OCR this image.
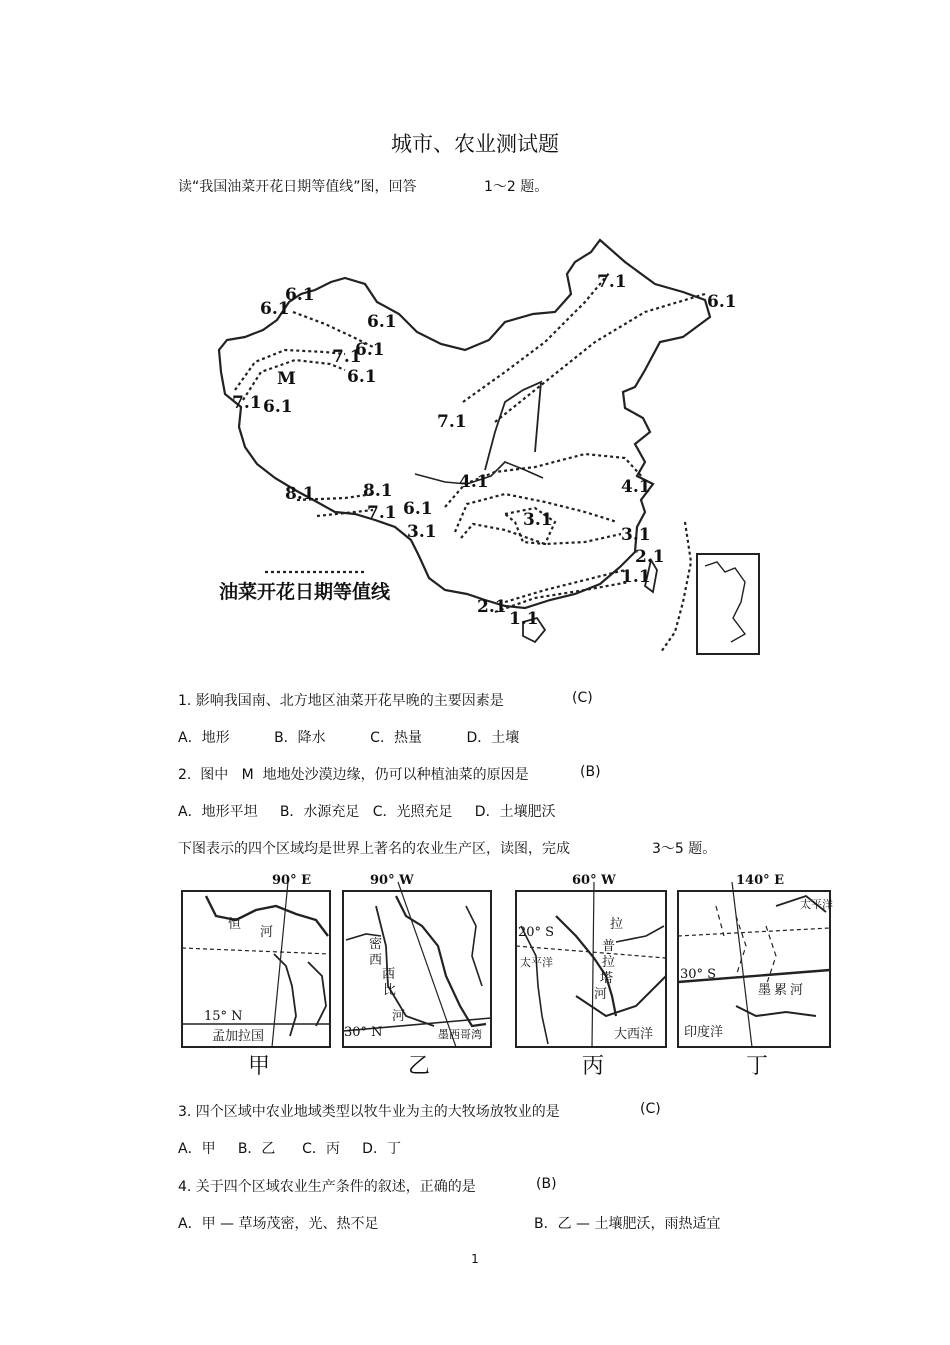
城市、农业测试题
读“我国油菜开花日期等值线”图，回答	1～2 题。
6.1
6.1
6.1
7.1
6.1
6.1
7.1 6.1
7.1
6.1
7.1
4.1	4.1
8.1	8.1
7.1 6.1
3.1
3.1
3.1
2.1
1.1
2.1
1.1
M
油菜开花日期等值线
1. 影响我国南、北方地区油菜开花早晚的主要因素是	(C)
A．地形          B．降水          C．热量          D．土壤
2.  图中   M  地地处沙漠边缘，仍可以种植油菜的原因是	(B)
A．地形平坦     B．水源充足   C．光照充足     D．土壤肥沃
下图表示的四个区域均是世界上著名的农业生产区，读图，完成	3～5 题。
90° E	90° W	60° W	140° E
恒
河
15° N
孟加拉国
密
西
西
比
河
30° N	墨西哥湾
拉
普
拉
塔
河
20° S
大西洋
太平洋
河
累
墨
30° S
印度洋
太平洋
甲	乙	丙	丁
3. 四个区域中农业地域类型以牧牛业为主的大牧场放牧业的是	(C)
A．甲     B．乙      C．丙     D．丁
4. 关于四个区域农业生产条件的叙述，正确的是	(B)
A．甲 — 草场茂密，光、热不足	B．乙 — 土壤肥沃，雨热适宜
1
